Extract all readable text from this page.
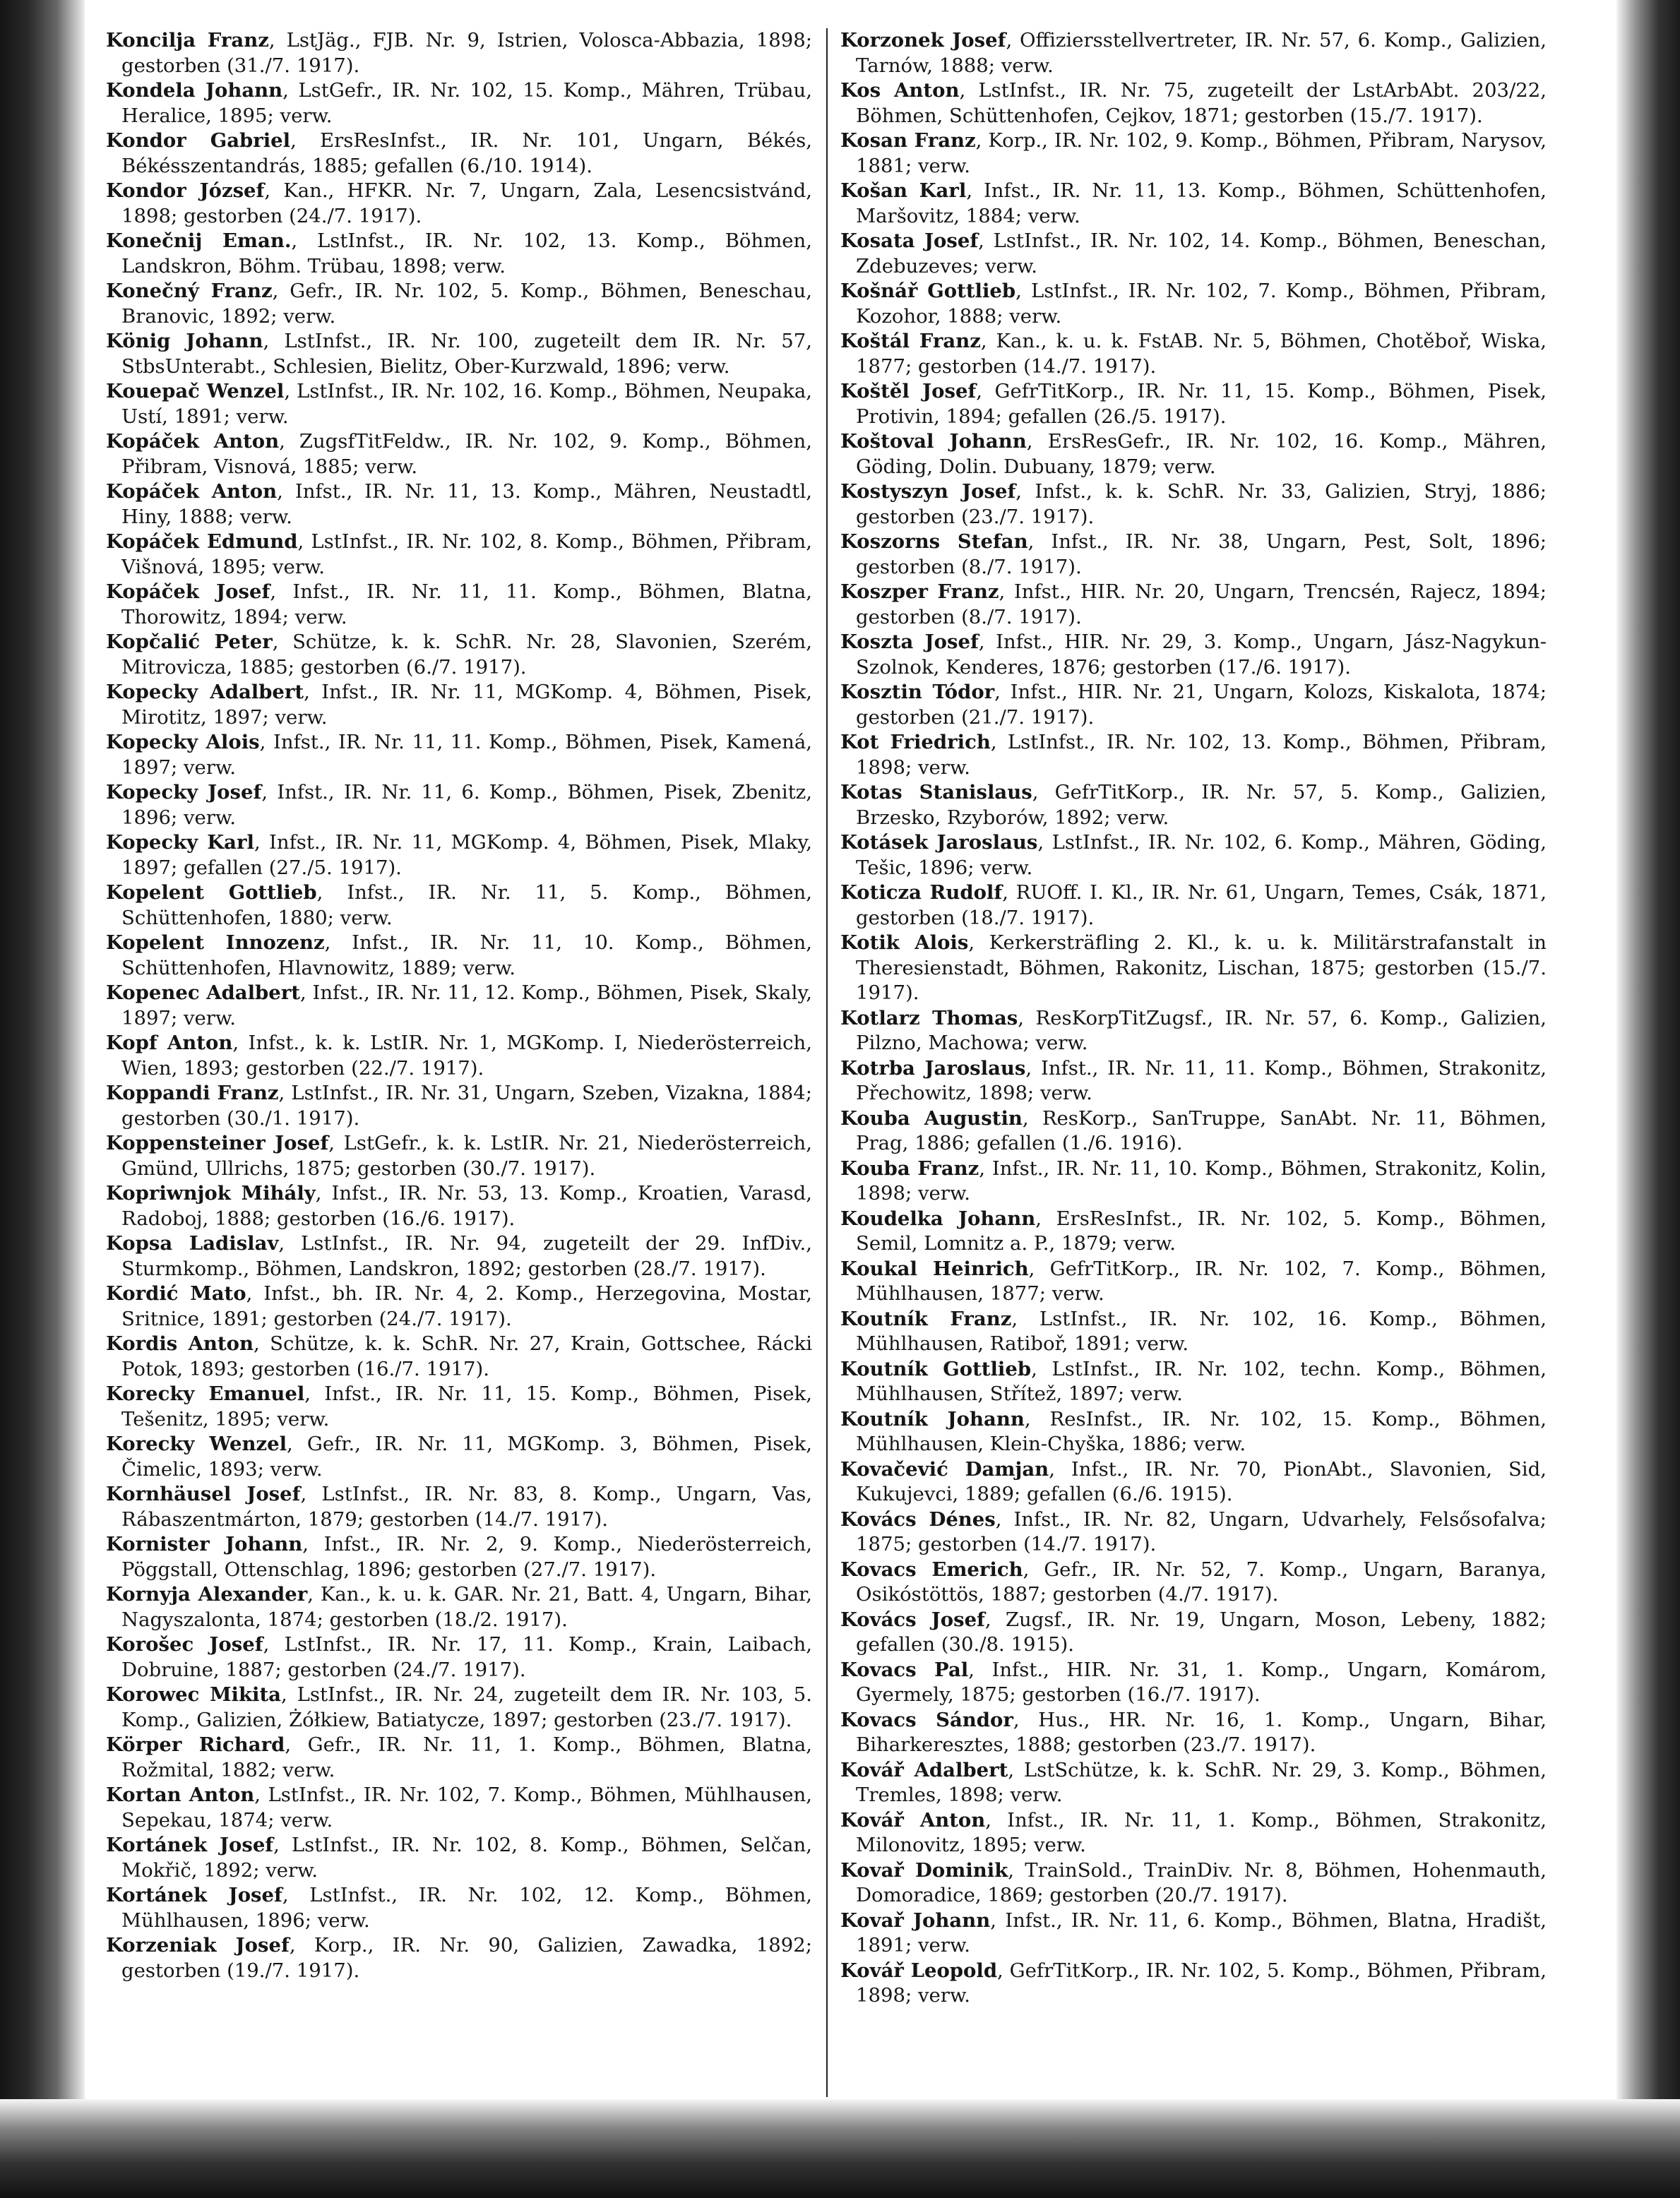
Koncilja Franz, LstJäg., FJB. Nr. 9, Istrien, Volosca-Abbazia, 1898; gestorben (31./7. 1917).

Kondela Johann, LstGefr., IR. Nr. 102, 15. Komp., Mähren, Trübau, Heralice, 1895; verw.

Kondor Gabriel, ErsResInfst., IR. Nr. 101, Ungarn, Békés, Békésszentandrás, 1885; gefallen (6./10. 1914).

Kondor József, Kan., HFKR. Nr. 7, Ungarn, Zala, Lesencsistvánd, 1898; gestorben (24./7. 1917).

Konečnij Eman., LstInfst., IR. Nr. 102, 13. Komp., Böhmen, Landskron, Böhm. Trübau, 1898; verw.

Konečný Franz, Gefr., IR. Nr. 102, 5. Komp., Böhmen, Beneschau, Branovic, 1892; verw.

König Johann, LstInfst., IR. Nr. 100, zugeteilt dem IR. Nr. 57, StbsUnterabt., Schlesien, Bielitz, Ober-Kurzwald, 1896; verw.

Kouepač Wenzel, LstInfst., IR. Nr. 102, 16. Komp., Böhmen, Neupaka, Ustí, 1891; verw.

Kopáček Anton, ZugsfTitFeldw., IR. Nr. 102, 9. Komp., Böhmen, Přibram, Visnová, 1885; verw.

Kopáček Anton, Infst., IR. Nr. 11, 13. Komp., Mähren, Neustadtl, Hiny, 1888; verw.

Kopáček Edmund, LstInfst., IR. Nr. 102, 8. Komp., Böhmen, Přibram, Višnová, 1895; verw.

Kopáček Josef, Infst., IR. Nr. 11, 11. Komp., Böhmen, Blatna, Thorowitz, 1894; verw.

Kopčalić Peter, Schütze, k. k. SchR. Nr. 28, Slavonien, Szerém, Mitrovicza, 1885; gestorben (6./7. 1917).

Kopecky Adalbert, Infst., IR. Nr. 11, MGKomp. 4, Böhmen, Pisek, Mirotitz, 1897; verw.

Kopecky Alois, Infst., IR. Nr. 11, 11. Komp., Böhmen, Pisek, Kamená, 1897; verw.

Kopecky Josef, Infst., IR. Nr. 11, 6. Komp., Böhmen, Pisek, Zbenitz, 1896; verw.

Kopecky Karl, Infst., IR. Nr. 11, MGKomp. 4, Böhmen, Pisek, Mlaky, 1897; gefallen (27./5. 1917).

Kopelent Gottlieb, Infst., IR. Nr. 11, 5. Komp., Böhmen, Schüttenhofen, 1880; verw.

Kopelent Innozenz, Infst., IR. Nr. 11, 10. Komp., Böhmen, Schüttenhofen, Hlavnowitz, 1889; verw.

Kopenec Adalbert, Infst., IR. Nr. 11, 12. Komp., Böhmen, Pisek, Skaly, 1897; verw.

Kopf Anton, Infst., k. k. LstIR. Nr. 1, MGKomp. I, Niederösterreich, Wien, 1893; gestorben (22./7. 1917).

Koppandi Franz, LstInfst., IR. Nr. 31, Ungarn, Szeben, Vizakna, 1884; gestorben (30./1. 1917).

Koppensteiner Josef, LstGefr., k. k. LstIR. Nr. 21, Niederösterreich, Gmünd, Ullrichs, 1875; gestorben (30./7. 1917).

Kopriwnjok Mihály, Infst., IR. Nr. 53, 13. Komp., Kroatien, Varasd, Radoboj, 1888; gestorben (16./6. 1917).

Kopsa Ladislav, LstInfst., IR. Nr. 94, zugeteilt der 29. InfDiv., Sturmkomp., Böhmen, Landskron, 1892; gestorben (28./7. 1917).

Kordić Mato, Infst., bh. IR. Nr. 4, 2. Komp., Herzegovina, Mostar, Sritnice, 1891; gestorben (24./7. 1917).

Kordis Anton, Schütze, k. k. SchR. Nr. 27, Krain, Gottschee, Rácki Potok, 1893; gestorben (16./7. 1917).

Korecky Emanuel, Infst., IR. Nr. 11, 15. Komp., Böhmen, Pisek, Tešenitz, 1895; verw.

Korecky Wenzel, Gefr., IR. Nr. 11, MGKomp. 3, Böhmen, Pisek, Čimelic, 1893; verw.

Kornhäusel Josef, LstInfst., IR. Nr. 83, 8. Komp., Ungarn, Vas, Rábaszentmárton, 1879; gestorben (14./7. 1917).

Kornister Johann, Infst., IR. Nr. 2, 9. Komp., Niederösterreich, Pöggstall, Ottenschlag, 1896; gestorben (27./7. 1917).

Kornyja Alexander, Kan., k. u. k. GAR. Nr. 21, Batt. 4, Ungarn, Bihar, Nagyszalonta, 1874; gestorben (18./2. 1917).

Korošec Josef, LstInfst., IR. Nr. 17, 11. Komp., Krain, Laibach, Dobruine, 1887; gestorben (24./7. 1917).

Korowec Mikita, LstInfst., IR. Nr. 24, zugeteilt dem IR. Nr. 103, 5. Komp., Galizien, Żółkiew, Batiatycze, 1897; gestorben (23./7. 1917).

Körper Richard, Gefr., IR. Nr. 11, 1. Komp., Böhmen, Blatna, Rožmital, 1882; verw.

Kortan Anton, LstInfst., IR. Nr. 102, 7. Komp., Böhmen, Mühlhausen, Sepekau, 1874; verw.

Kortánek Josef, LstInfst., IR. Nr. 102, 8. Komp., Böhmen, Selčan, Mokřič, 1892; verw.

Kortánek Josef, LstInfst., IR. Nr. 102, 12. Komp., Böhmen, Mühlhausen, 1896; verw.

Korzeniak Josef, Korp., IR. Nr. 90, Galizien, Zawadka, 1892; gestorben (19./7. 1917).

Korzonek Josef, Offiziersstellvertreter, IR. Nr. 57, 6. Komp., Galizien, Tarnów, 1888; verw.

Kos Anton, LstInfst., IR. Nr. 75, zugeteilt der LstArbAbt. 203/22, Böhmen, Schüttenhofen, Cejkov, 1871; gestorben (15./7. 1917).

Kosan Franz, Korp., IR. Nr. 102, 9. Komp., Böhmen, Přibram, Narysov, 1881; verw.

Košan Karl, Infst., IR. Nr. 11, 13. Komp., Böhmen, Schüttenhofen, Maršovitz, 1884; verw.

Kosata Josef, LstInfst., IR. Nr. 102, 14. Komp., Böhmen, Beneschan, Zdebuzeves; verw.

Košnář Gottlieb, LstInfst., IR. Nr. 102, 7. Komp., Böhmen, Přibram, Kozohor, 1888; verw.

Koštál Franz, Kan., k. u. k. FstAB. Nr. 5, Böhmen, Chotěboř, Wiska, 1877; gestorben (14./7. 1917).

Koštěl Josef, GefrTitKorp., IR. Nr. 11, 15. Komp., Böhmen, Pisek, Protivin, 1894; gefallen (26./5. 1917).

Koštoval Johann, ErsResGefr., IR. Nr. 102, 16. Komp., Mähren, Göding, Dolin. Dubuany, 1879; verw.

Kostyszyn Josef, Infst., k. k. SchR. Nr. 33, Galizien, Stryj, 1886; gestorben (23./7. 1917).

Koszorns Stefan, Infst., IR. Nr. 38, Ungarn, Pest, Solt, 1896; gestorben (8./7. 1917).

Koszper Franz, Infst., HIR. Nr. 20, Ungarn, Trencsén, Rajecz, 1894; gestorben (8./7. 1917).

Koszta Josef, Infst., HIR. Nr. 29, 3. Komp., Ungarn, Jász-Nagykun-Szolnok, Kenderes, 1876; gestorben (17./6. 1917).

Kosztin Tódor, Infst., HIR. Nr. 21, Ungarn, Kolozs, Kiskalota, 1874; gestorben (21./7. 1917).

Kot Friedrich, LstInfst., IR. Nr. 102, 13. Komp., Böhmen, Přibram, 1898; verw.

Kotas Stanislaus, GefrTitKorp., IR. Nr. 57, 5. Komp., Galizien, Brzesko, Rzyborów, 1892; verw.

Kotásek Jaroslaus, LstInfst., IR. Nr. 102, 6. Komp., Mähren, Göding, Tešic, 1896; verw.

Koticza Rudolf, RUOff. I. Kl., IR. Nr. 61, Ungarn, Temes, Csák, 1871, gestorben (18./7. 1917).

Kotik Alois, Kerkersträfling 2. Kl., k. u. k. Militärstrafanstalt in Theresienstadt, Böhmen, Rakonitz, Lischan, 1875; gestorben (15./7. 1917).

Kotlarz Thomas, ResKorpTitZugsf., IR. Nr. 57, 6. Komp., Galizien, Pilzno, Machowa; verw.

Kotrba Jaroslaus, Infst., IR. Nr. 11, 11. Komp., Böhmen, Strakonitz, Přechowitz, 1898; verw.

Kouba Augustin, ResKorp., SanTruppe, SanAbt. Nr. 11, Böhmen, Prag, 1886; gefallen (1./6. 1916).

Kouba Franz, Infst., IR. Nr. 11, 10. Komp., Böhmen, Strakonitz, Kolin, 1898; verw.

Koudelka Johann, ErsResInfst., IR. Nr. 102, 5. Komp., Böhmen, Semil, Lomnitz a. P., 1879; verw.

Koukal Heinrich, GefrTitKorp., IR. Nr. 102, 7. Komp., Böhmen, Mühlhausen, 1877; verw.

Koutník Franz, LstInfst., IR. Nr. 102, 16. Komp., Böhmen, Mühlhausen, Ratiboř, 1891; verw.

Koutník Gottlieb, LstInfst., IR. Nr. 102, techn. Komp., Böhmen, Mühlhausen, Střítež, 1897; verw.

Koutník Johann, ResInfst., IR. Nr. 102, 15. Komp., Böhmen, Mühlhausen, Klein-Chyška, 1886; verw.

Kovačević Damjan, Infst., IR. Nr. 70, PionAbt., Slavonien, Sid, Kukujevci, 1889; gefallen (6./6. 1915).

Kovács Dénes, Infst., IR. Nr. 82, Ungarn, Udvarhely, Felsősofalva; 1875; gestorben (14./7. 1917).

Kovacs Emerich, Gefr., IR. Nr. 52, 7. Komp., Ungarn, Baranya, Osikóstöttös, 1887; gestorben (4./7. 1917).

Kovács Josef, Zugsf., IR. Nr. 19, Ungarn, Moson, Lebeny, 1882; gefallen (30./8. 1915).

Kovacs Pal, Infst., HIR. Nr. 31, 1. Komp., Ungarn, Komárom, Gyermely, 1875; gestorben (16./7. 1917).

Kovacs Sándor, Hus., HR. Nr. 16, 1. Komp., Ungarn, Bihar, Biharkeresztes, 1888; gestorben (23./7. 1917).

Kovář Adalbert, LstSchütze, k. k. SchR. Nr. 29, 3. Komp., Böhmen, Tremles, 1898; verw.

Kovář Anton, Infst., IR. Nr. 11, 1. Komp., Böhmen, Strakonitz, Milonovitz, 1895; verw.

Kovař Dominik, TrainSold., TrainDiv. Nr. 8, Böhmen, Hohenmauth, Domoradice, 1869; gestorben (20./7. 1917).

Kovař Johann, Infst., IR. Nr. 11, 6. Komp., Böhmen, Blatna, Hradišt, 1891; verw.

Kovář Leopold, GefrTitKorp., IR. Nr. 102, 5. Komp., Böhmen, Přibram, 1898; verw.
